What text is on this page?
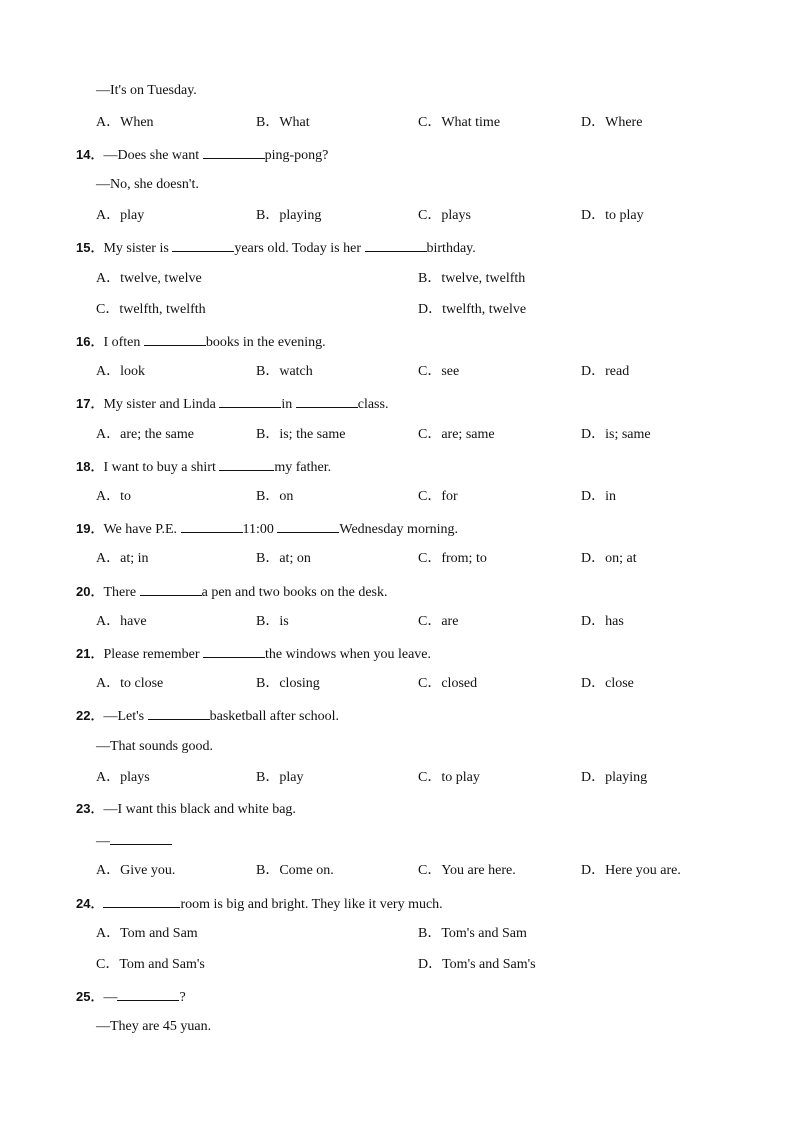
—It's on Tuesday.
A．When	B．What	C．What time	D．Where
14．—Does she want	ping-pong?
—No, she doesn't.
A．play	B．playing	C．plays	D．to play
15．My sister is	years old. Today is her	birthday.
A．twelve, twelve	B．twelve, twelfth
C．twelfth, twelfth	D．twelfth, twelve
16．I often	books in the evening.
A．look	B．watch	C．see	D．read
17．My sister and Linda	in	class.
A．are; the same	B．is; the same	C．are; same	D．is; same
18．I want to buy a shirt	my father.
A．to	B．on	C．for	D．in
19．We have P.E.	11:00	Wednesday morning.
A．at; in	B．at; on	C．from; to	D．on; at
20．There	a pen and two books on the desk.
A．have	B．is	C．are	D．has
21．Please remember	the windows when you leave.
A．to close	B．closing	C．closed	D．close
22．—Let's	basketball after school.
—That sounds good.
A．plays	B．play	C．to play	D．playing
23．—I want this black and white bag.
—
A．Give you.	B．Come on.	C．You are here.	D．Here you are.
24．	room is big and bright. They like it very much.
A．Tom and Sam	B．Tom's and Sam
C．Tom and Sam's	D．Tom's and Sam's
25．—	?
—They are 45 yuan.
